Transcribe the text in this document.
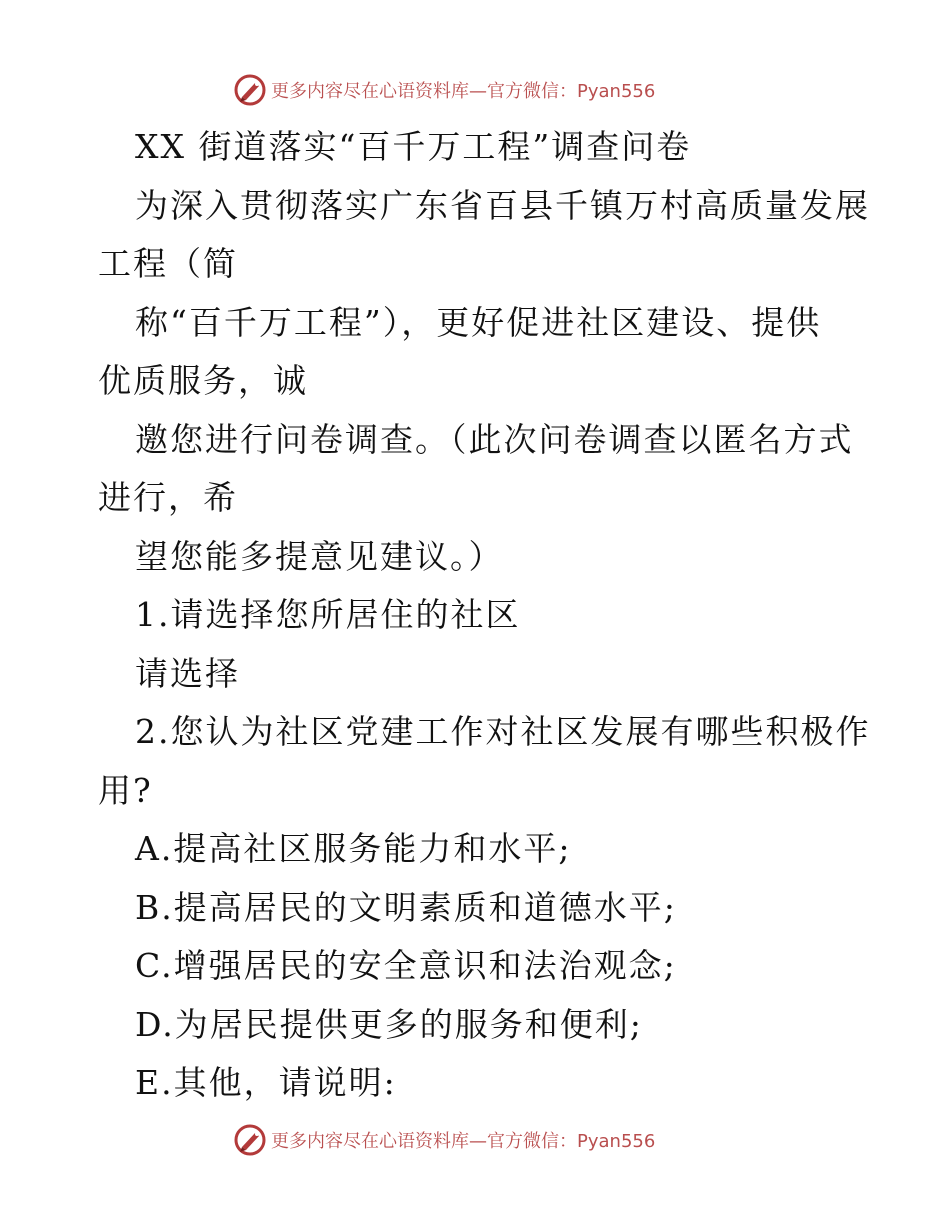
更多内容尽在心语资料库—官方微信：Pyan556
XX 街道落实“百千万工程”调查问卷
为深入贯彻落实广东省百县千镇万村高质量发展
工程（简
称“百千万工程”），更好促进社区建设、提供
优质服务，诚
邀您进行问卷调查。（此次问卷调查以匿名方式
进行，希
望您能多提意见建议。）
1.请选择您所居住的社区
请选择
2.您认为社区党建工作对社区发展有哪些积极作
用?
A.提高社区服务能力和水平;
B.提高居民的文明素质和道德水平;
C.增强居民的安全意识和法治观念;
D.为居民提供更多的服务和便利;
E.其他，请说明:
更多内容尽在心语资料库—官方微信：Pyan556
